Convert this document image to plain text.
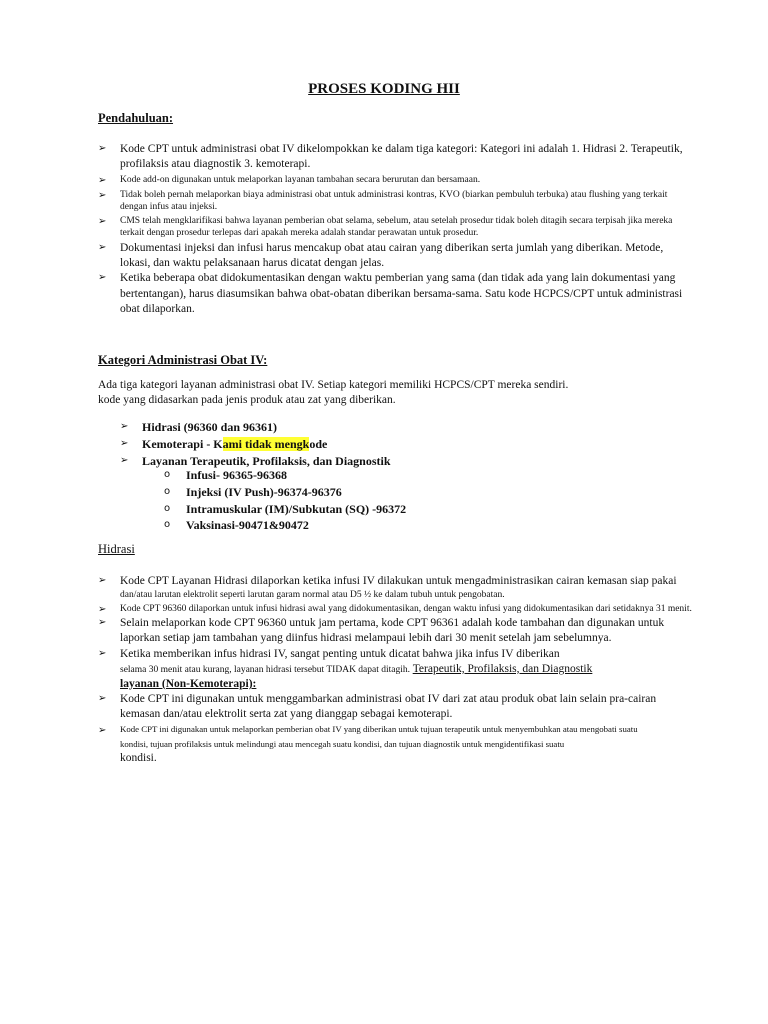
PROSES KODING HII
Pendahuluan:
➢ Kode CPT untuk administrasi obat IV dikelompokkan ke dalam tiga kategori: Kategori ini adalah 1. Hidrasi 2. Terapeutik, profilaksis atau diagnostik 3. kemoterapi.
➢ Kode add-on digunakan untuk melaporkan layanan tambahan secara berurutan dan bersamaan.
➢ Tidak boleh pernah melaporkan biaya administrasi obat untuk administrasi kontras, KVO (biarkan pembuluh terbuka) atau flushing yang terkait dengan infus atau injeksi.
➢ CMS telah mengklarifikasi bahwa layanan pemberian obat selama, sebelum, atau setelah prosedur tidak boleh ditagih secara terpisah jika mereka terkait dengan prosedur terlepas dari apakah mereka adalah standar perawatan untuk prosedur.
➢ Dokumentasi injeksi dan infusi harus mencakup obat atau cairan yang diberikan serta jumlah yang diberikan. Metode, lokasi, dan waktu pelaksanaan harus dicatat dengan jelas.
➢ Ketika beberapa obat didokumentasikan dengan waktu pemberian yang sama (dan tidak ada yang lain dokumentasi yang bertentangan), harus diasumsikan bahwa obat-obatan diberikan bersama-sama. Satu kode HCPCS/CPT untuk administrasi obat dilaporkan.
Kategori Administrasi Obat IV:
Ada tiga kategori layanan administrasi obat IV. Setiap kategori memiliki HCPCS/CPT mereka sendiri.
kode yang didasarkan pada jenis produk atau zat yang diberikan.
➢ Hidrasi (96360 dan 96361)
➢ Kemoterapi - Kami tidak mengkode
➢ Layanan Terapeutik, Profilaksis, dan Diagnostik
o Infusi- 96365-96368
o Injeksi (IV Push)-96374-96376
o Intramuskular (IM)/Subkutan (SQ) -96372
o Vaksinasi-90471&90472
Hidrasi
➢ Kode CPT Layanan Hidrasi dilaporkan ketika infusi IV dilakukan untuk mengadministrasikan cairan kemasan siap pakai
dan/atau larutan elektrolit seperti larutan garam normal atau D5 ½ ke dalam tubuh untuk pengobatan.
➢ Kode CPT 96360 dilaporkan untuk infusi hidrasi awal yang didokumentasikan, dengan waktu infusi yang didokumentasikan dari setidaknya 31 menit.
➢ Selain melaporkan kode CPT 96360 untuk jam pertama, kode CPT 96361 adalah kode tambahan dan digunakan untuk laporkan setiap jam tambahan yang diinfus hidrasi melampaui lebih dari 30 menit setelah jam sebelumnya.
➢ Ketika memberikan infus hidrasi IV, sangat penting untuk dicatat bahwa jika infus IV diberikan
selama 30 menit atau kurang, layanan hidrasi tersebut TIDAK dapat ditagih. Terapeutik, Profilaksis, dan Diagnostik
layanan (Non-Kemoterapi):
➢ Kode CPT ini digunakan untuk menggambarkan administrasi obat IV dari zat atau produk obat lain selain pra-cairan kemasan dan/atau elektrolit serta zat yang dianggap sebagai kemoterapi.
➢ Kode CPT ini digunakan untuk melaporkan pemberian obat IV yang diberikan untuk tujuan terapeutik untuk menyembuhkan atau mengobati suatu
kondisi, tujuan profilaksis untuk melindungi atau mencegah suatu kondisi, dan tujuan diagnostik untuk mengidentifikasi suatu
kondisi.
